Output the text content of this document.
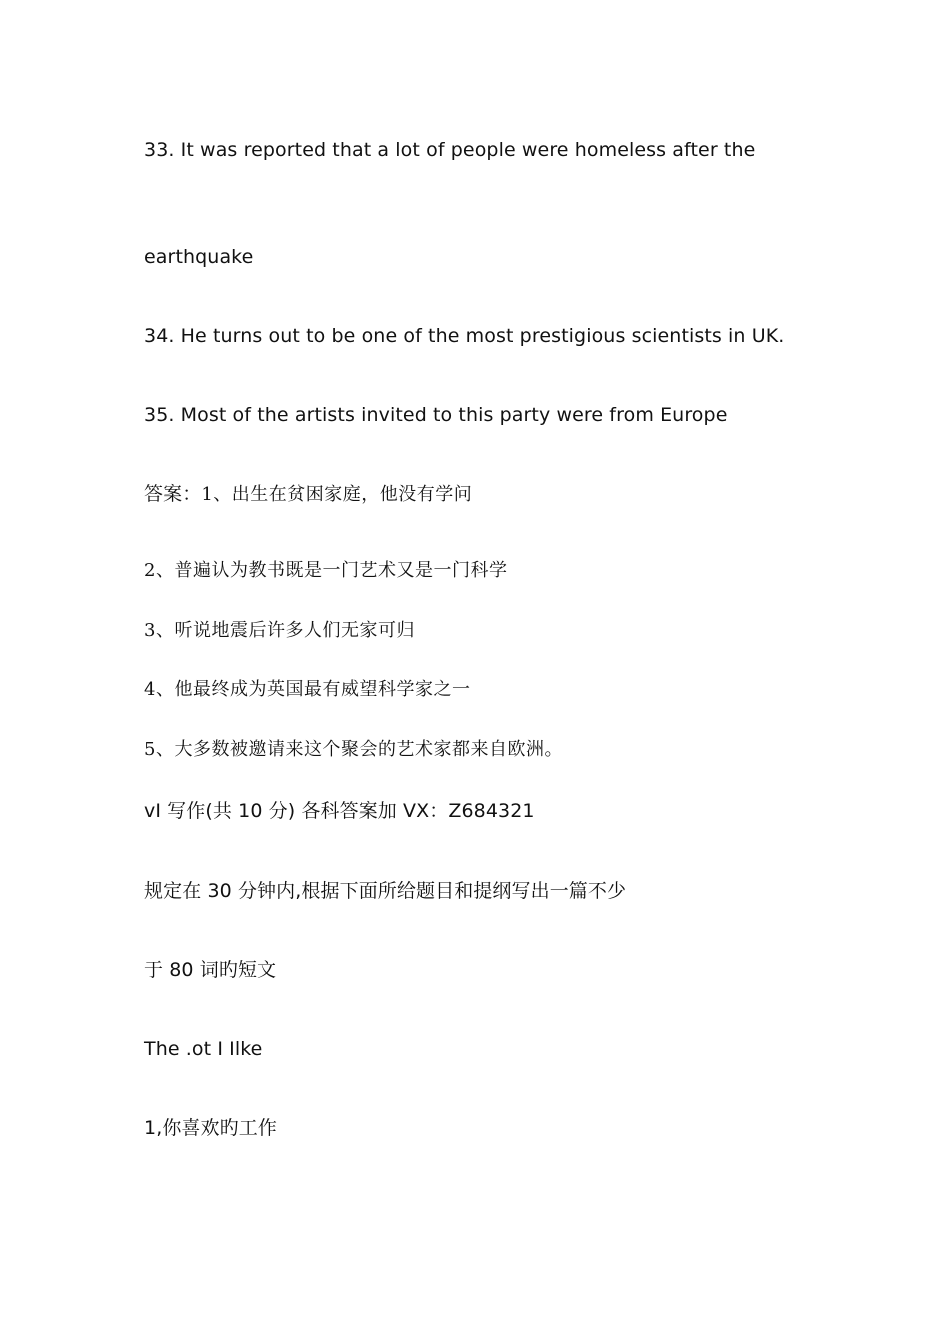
33. It was reported that a lot of people were homeless after the
earthquake
34. He turns out to be one of the most prestigious scientists in UK.
35. Most of the artists invited to this party were from Europe
答案：1、出生在贫困家庭，他没有学问
2、普遍认为教书既是一门艺术又是一门科学
3、听说地震后许多人们无家可归
4、他最终成为英国最有威望科学家之一
5、大多数被邀请来这个聚会的艺术家都来自欧洲。
vI 写作(共 10 分) 各科答案加 VX：Z684321
规定在 30 分钟内,根据下面所给题目和提纲写出一篇不少
于 80 词旳短文
The .ot I Ilke
1,你喜欢旳工作
